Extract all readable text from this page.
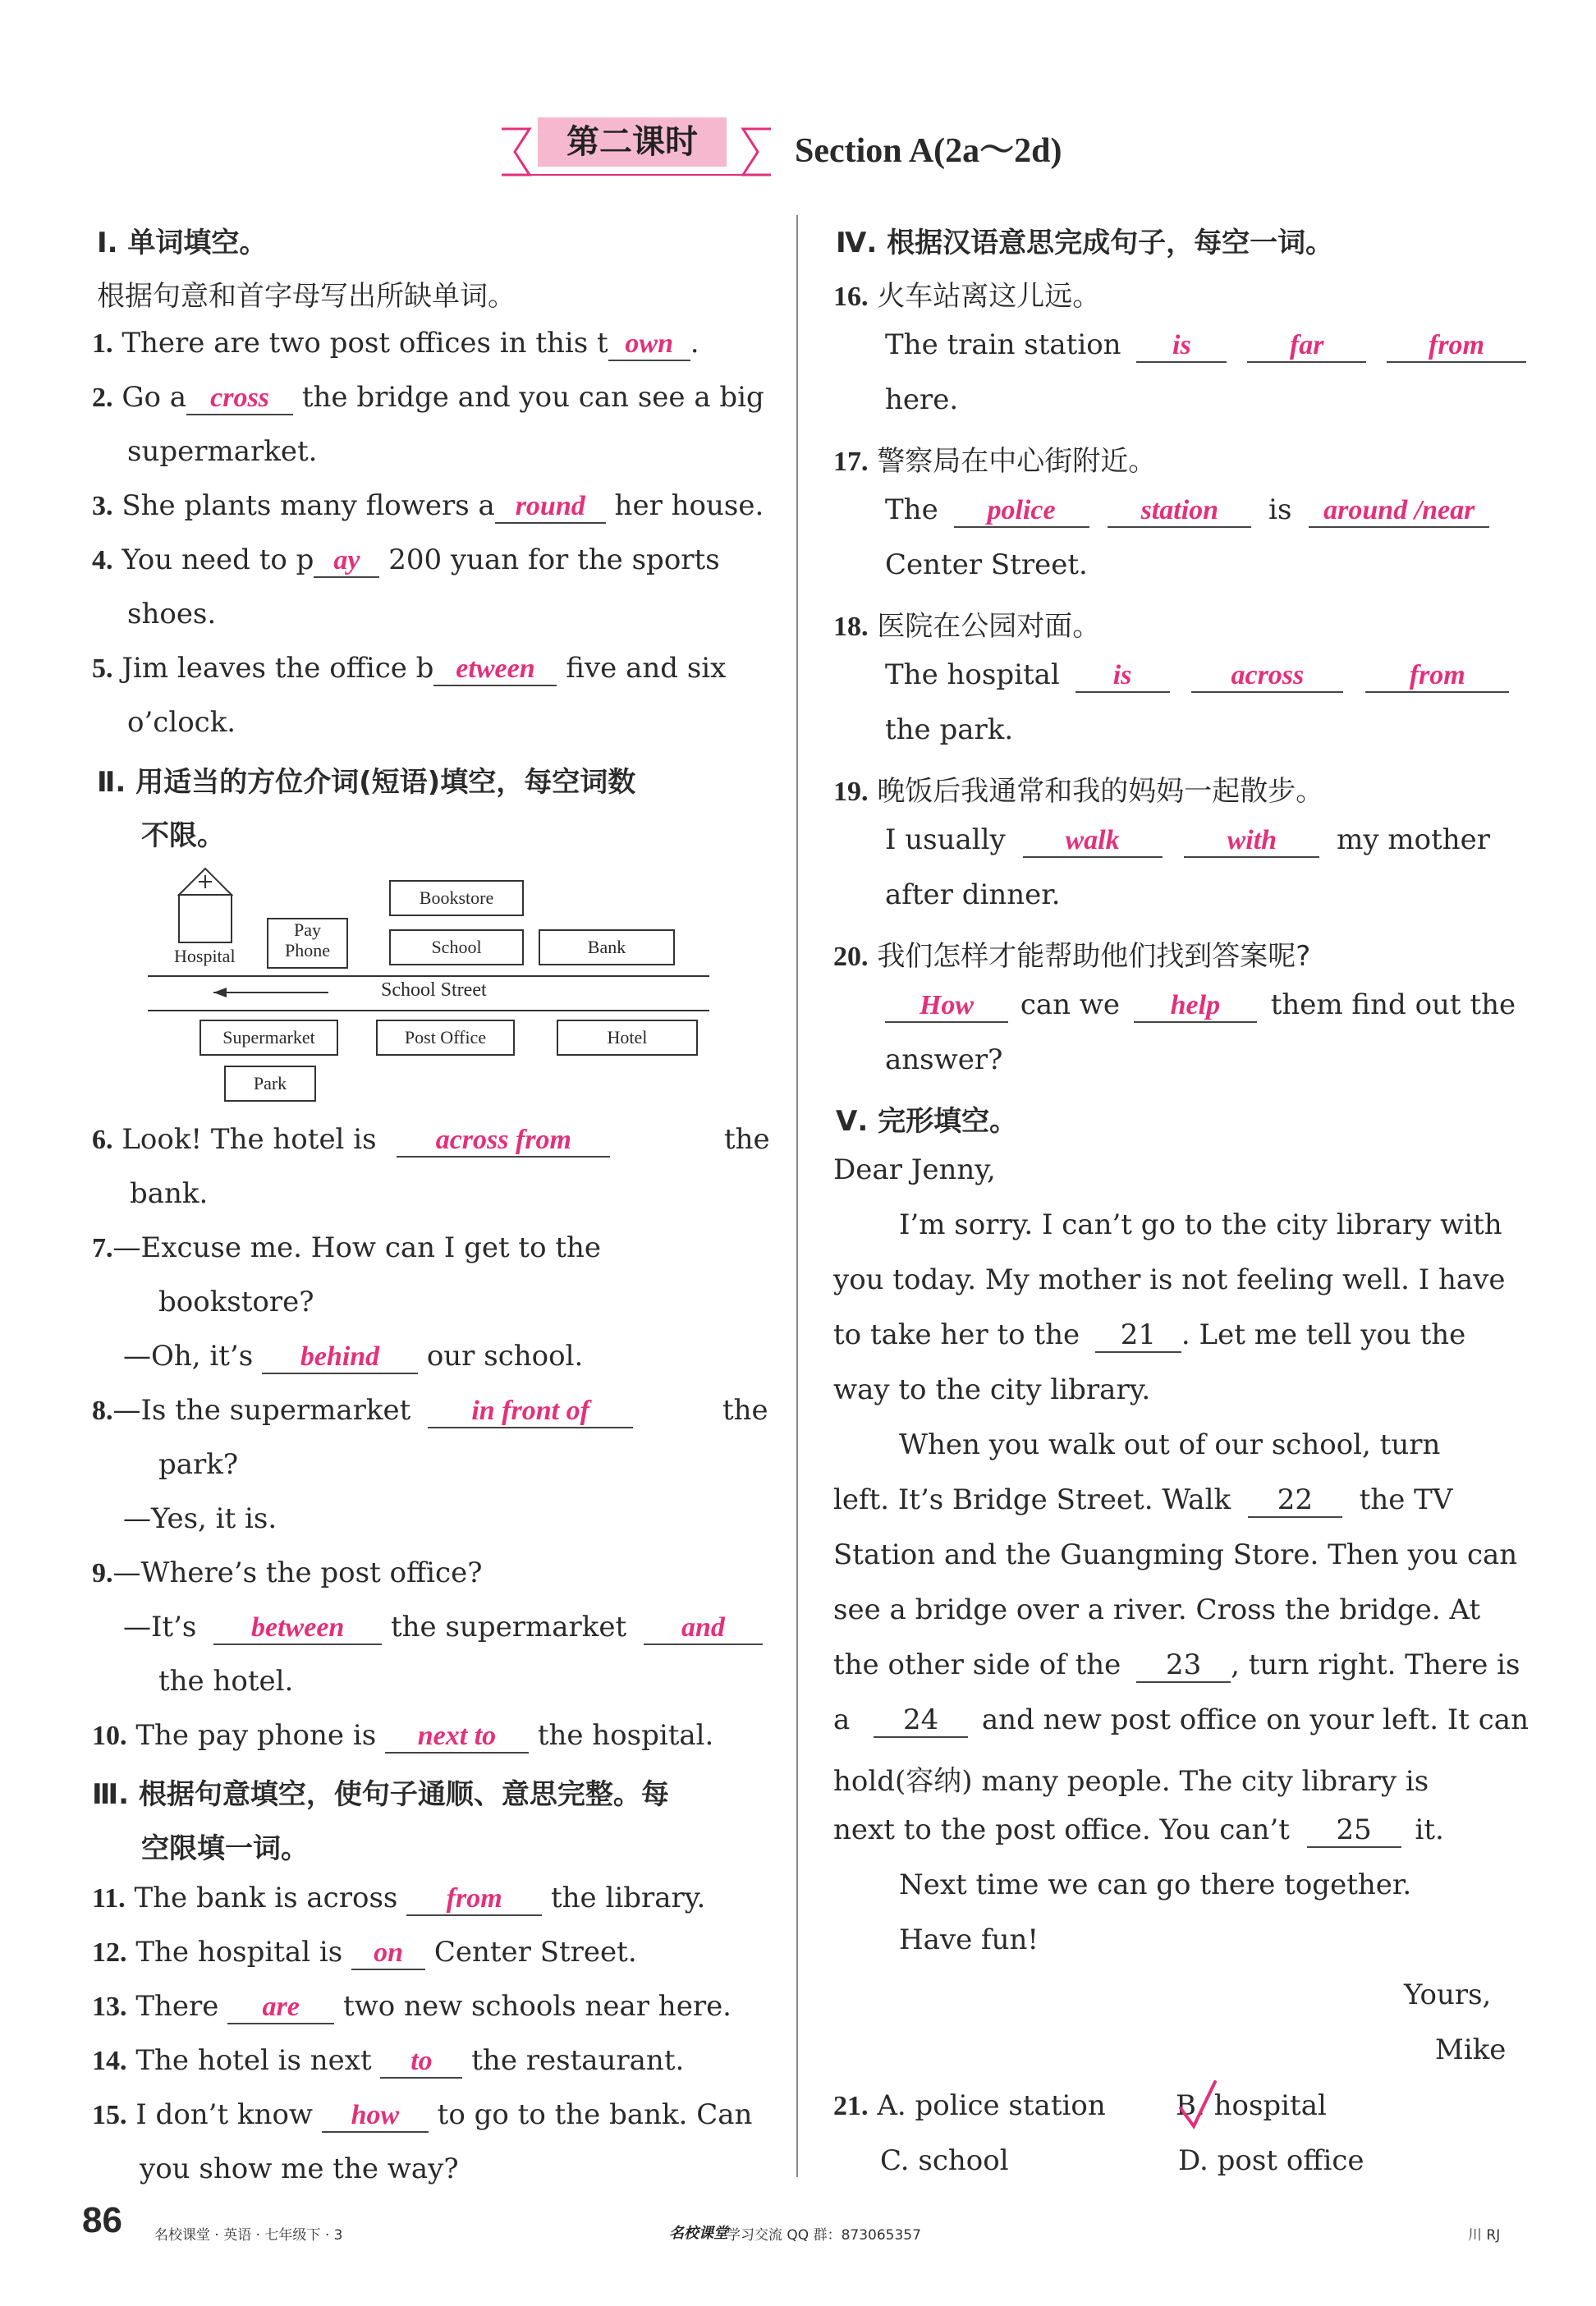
第二课时	Section A(2a～2d)
Ⅰ. 单词填空。
根据句意和首字母写出所缺单词。
1. There are two post offices in this t own .
2. Go a cross the bridge and you can see a big
supermarket.
3. She plants many flowers a round her house.
4. You need to p ay 200 yuan for the sports
shoes.
5. Jim leaves the office b etween five and six
o’clock.
Ⅱ. 用适当的方位介词(短语)填空，每空词数
不限。
Hospital
Pay
Phone
Bookstore
School	Bank
School Street
Supermarket	Post Office	Hotel
Park
6. Look! The hotel is across from	the
bank.
7.—Excuse me. How can I get to the
bookstore?
—Oh, it’s behind our school.
8.—Is the supermarket in front of	the
park?
—Yes, it is.
9.—Where’s the post office?
—It’s between the supermarket and
the hotel.
10. The pay phone is next to the hospital.
Ⅲ. 根据句意填空，使句子通顺、意思完整。每
空限填一词。
11. The bank is across from the library.
12. The hospital is on Center Street.
13. There are two new schools near here.
14. The hotel is next to the restaurant.
15. I don’t know how to go to the bank. Can
you show me the way?
Ⅳ. 根据汉语意思完成句子，每空一词。
16. 火车站离这儿远。
The train station is	far	from
here.
17. 警察局在中心街附近。
The police	station is around /near
Center Street.
18. 医院在公园对面。
The hospital is	across	from
the park.
19. 晚饭后我通常和我的妈妈一起散步。
I usually walk	with my mother
after dinner.
20. 我们怎样才能帮助他们找到答案呢?
How can we help them find out the
answer?
Ⅴ. 完形填空。
Dear Jenny,
I’m sorry. I can’t go to the city library with
you today. My mother is not feeling well. I have
to take her to the 21 . Let me tell you the
way to the city library.
When you walk out of our school, turn
left. It’s Bridge Street. Walk 22 the TV
Station and the Guangming Store. Then you can
see a bridge over a river. Cross the bridge. At
the other side of the 23 , turn right. There is
a 24 and new post office on your left. It can
hold(容纳) many people. The city library is
next to the post office. You can’t 25 it.
Next time we can go there together.
Have fun!
Yours,
Mike
21. A. police station	B. hospital
C. school	D. post office
86 名校课堂 · 英语 · 七年级下 · 3	名校课堂
学习交流 QQ 群：873065357	川 RJ
